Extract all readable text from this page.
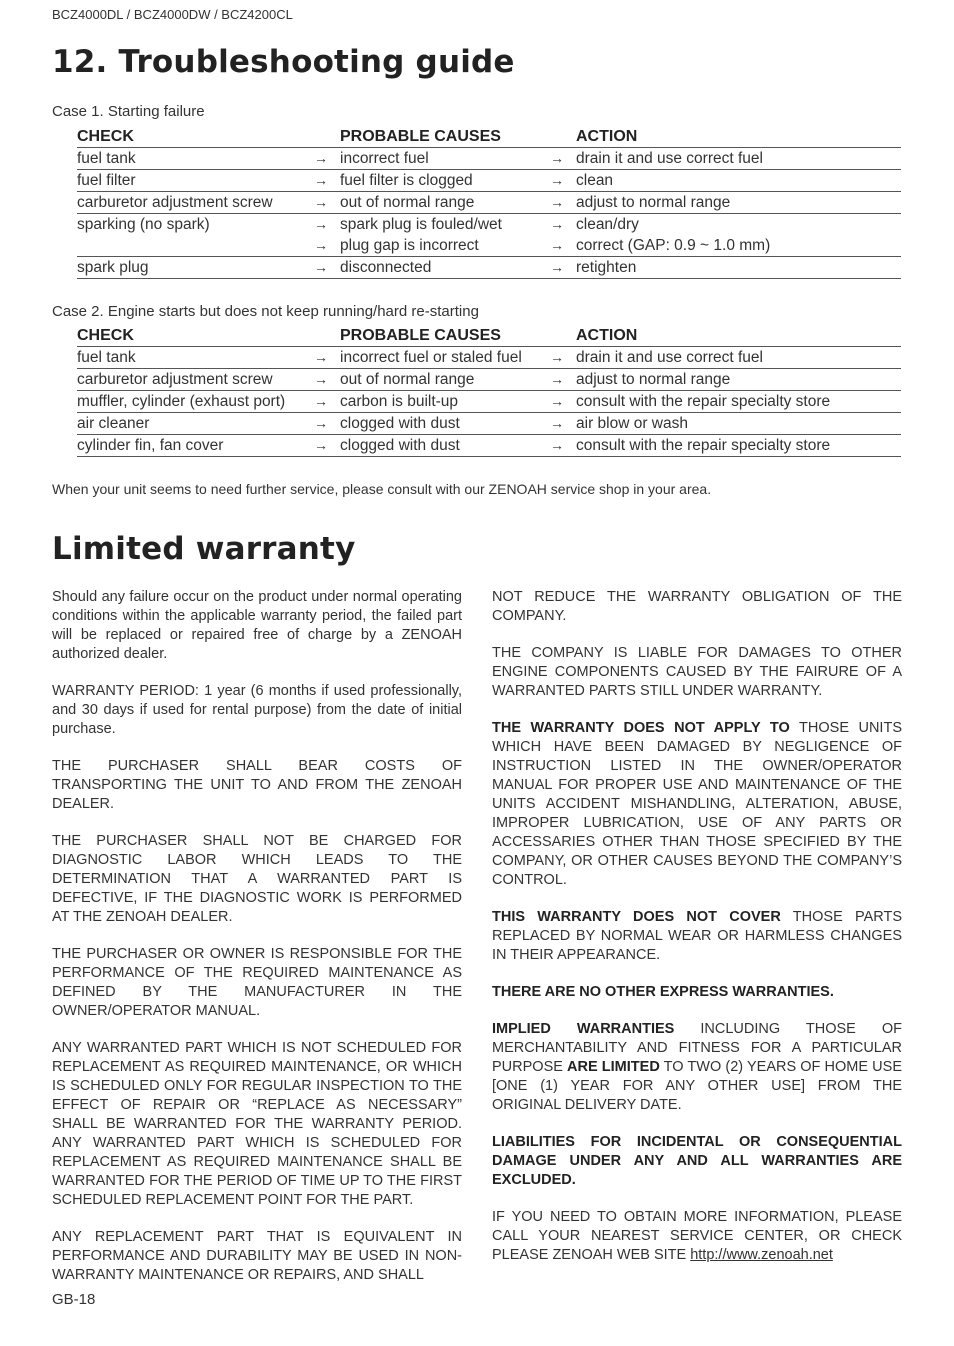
BCZ4000DL / BCZ4000DW / BCZ4200CL
12. Troubleshooting guide
Case 1. Starting failure
CHECK		PROBABLE CAUSES		ACTION
fuel tank	→	incorrect fuel	→	drain it and use correct fuel
fuel filter	→	fuel filter is clogged	→	clean
carburetor adjustment screw	→	out of normal range	→	adjust to normal range
sparking (no spark)	→	spark plug is fouled/wet	→	clean/dry
	→	plug gap is incorrect	→	correct (GAP: 0.9 ~ 1.0 mm)
spark plug	→	disconnected	→	retighten
Case 2. Engine starts but does not keep running/hard re-starting
CHECK		PROBABLE CAUSES		ACTION
fuel tank	→	incorrect fuel or staled fuel	→	drain it and use correct fuel
carburetor adjustment screw	→	out of normal range	→	adjust to normal range
muffler, cylinder (exhaust port)	→	carbon is built-up	→	consult with the repair specialty store
air cleaner	→	clogged with dust	→	air blow or wash
cylinder fin, fan cover	→	clogged with dust	→	consult with the repair specialty store
When your unit seems to need further service, please consult with our ZENOAH service shop in your area.
Limited warranty

Should any failure occur on the product under normal operating conditions within the applicable warranty period, the failed part will be replaced or repaired free of charge by a ZENOAH authorized dealer.

WARRANTY PERIOD: 1 year (6 months if used professionally, and 30 days if used for rental purpose) from the date of initial purchase.

THE PURCHASER SHALL BEAR COSTS OF TRANSPORTING THE UNIT TO AND FROM THE ZENOAH DEALER.

THE PURCHASER SHALL NOT BE CHARGED FOR DIAGNOSTIC LABOR WHICH LEADS TO THE DETERMINATION THAT A WARRANTED PART IS DEFECTIVE, IF THE DIAGNOSTIC WORK IS PERFORMED AT THE ZENOAH DEALER.

THE PURCHASER OR OWNER IS RESPONSIBLE FOR THE PERFORMANCE OF THE REQUIRED MAINTENANCE AS DEFINED BY THE MANUFACTURER IN THE OWNER/OPERATOR MANUAL.

ANY WARRANTED PART WHICH IS NOT SCHEDULED FOR REPLACEMENT AS REQUIRED MAINTENANCE, OR WHICH IS SCHEDULED ONLY FOR REGULAR INSPECTION TO THE EFFECT OF REPAIR OR “REPLACE AS NECESSARY” SHALL BE WARRANTED FOR THE WARRANTY PERIOD. ANY WARRANTED PART WHICH IS SCHEDULED FOR REPLACEMENT AS REQUIRED MAINTENANCE SHALL BE WARRANTED FOR THE PERIOD OF TIME UP TO THE FIRST SCHEDULED REPLACEMENT POINT FOR THE PART.

ANY REPLACEMENT PART THAT IS EQUIVALENT IN PERFORMANCE AND DURABILITY MAY BE USED IN NON-WARRANTY MAINTENANCE OR REPAIRS, AND SHALL

NOT REDUCE THE WARRANTY OBLIGATION OF THE COMPANY.

THE COMPANY IS LIABLE FOR DAMAGES TO OTHER ENGINE COMPONENTS CAUSED BY THE FAIRURE OF A WARRANTED PARTS STILL UNDER WARRANTY.

THE WARRANTY DOES NOT APPLY TO THOSE UNITS WHICH HAVE BEEN DAMAGED BY NEGLIGENCE OF INSTRUCTION LISTED IN THE OWNER/OPERATOR MANUAL FOR PROPER USE AND MAINTENANCE OF THE UNITS ACCIDENT MISHANDLING, ALTERATION, ABUSE, IMPROPER LUBRICATION, USE OF ANY PARTS OR ACCESSARIES OTHER THAN THOSE SPECIFIED BY THE COMPANY, OR OTHER CAUSES BEYOND THE COMPANY’S CONTROL.

THIS WARRANTY DOES NOT COVER THOSE PARTS REPLACED BY NORMAL WEAR OR HARMLESS CHANGES IN THEIR APPEARANCE.

THERE ARE NO OTHER EXPRESS WARRANTIES.

IMPLIED WARRANTIES INCLUDING THOSE OF MERCHANTABILITY AND FITNESS FOR A PARTICULAR PURPOSE ARE LIMITED TO TWO (2) YEARS OF HOME USE [ONE (1) YEAR FOR ANY OTHER USE] FROM THE ORIGINAL DELIVERY DATE.

LIABILITIES FOR INCIDENTAL OR CONSEQUENTIAL DAMAGE UNDER ANY AND ALL WARRANTIES ARE EXCLUDED.

IF YOU NEED TO OBTAIN MORE INFORMATION, PLEASE CALL YOUR NEAREST SERVICE CENTER, OR CHECK PLEASE ZENOAH WEB SITE http://www.zenoah.net

GB-18
